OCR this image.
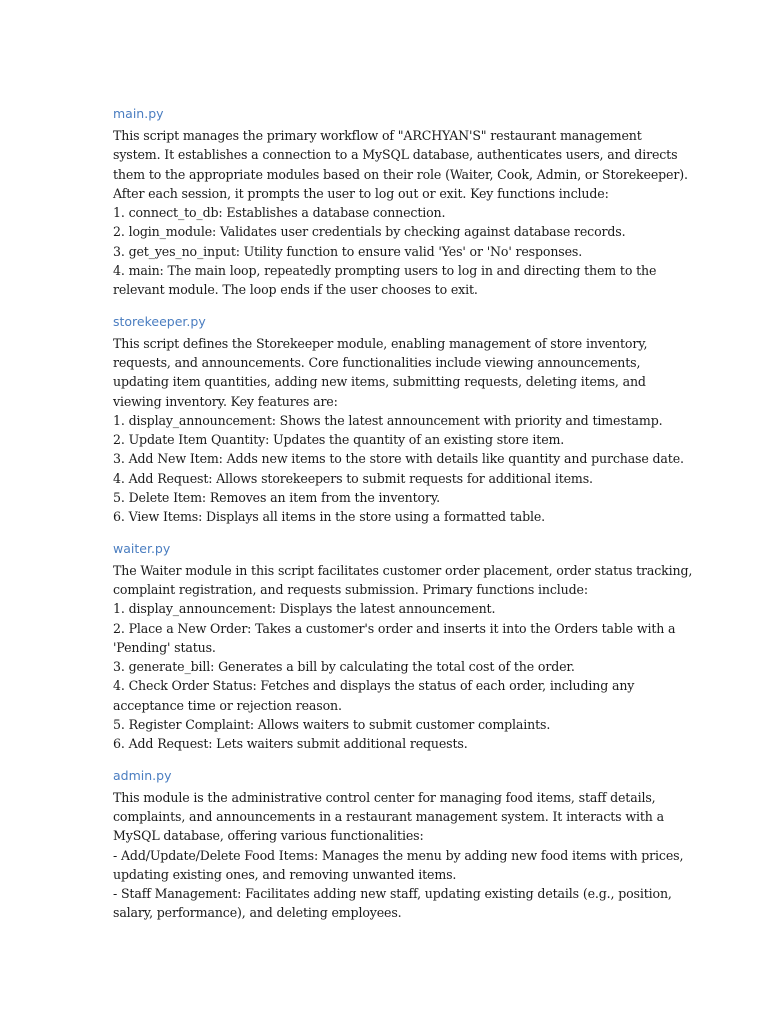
main.py
This script manages the primary workflow of "ARCHYAN'S" restaurant management
system. It establishes a connection to a MySQL database, authenticates users, and directs
them to the appropriate modules based on their role (Waiter, Cook, Admin, or Storekeeper).
After each session, it prompts the user to log out or exit. Key functions include:
1. connect_to_db: Establishes a database connection.
2. login_module: Validates user credentials by checking against database records.
3. get_yes_no_input: Utility function to ensure valid 'Yes' or 'No' responses.
4. main: The main loop, repeatedly prompting users to log in and directing them to the
relevant module. The loop ends if the user chooses to exit.
storekeeper.py
This script defines the Storekeeper module, enabling management of store inventory,
requests, and announcements. Core functionalities include viewing announcements,
updating item quantities, adding new items, submitting requests, deleting items, and
viewing inventory. Key features are:
1. display_announcement: Shows the latest announcement with priority and timestamp.
2. Update Item Quantity: Updates the quantity of an existing store item.
3. Add New Item: Adds new items to the store with details like quantity and purchase date.
4. Add Request: Allows storekeepers to submit requests for additional items.
5. Delete Item: Removes an item from the inventory.
6. View Items: Displays all items in the store using a formatted table.
waiter.py
The Waiter module in this script facilitates customer order placement, order status tracking,
complaint registration, and requests submission. Primary functions include:
1. display_announcement: Displays the latest announcement.
2. Place a New Order: Takes a customer's order and inserts it into the Orders table with a
'Pending' status.
3. generate_bill: Generates a bill by calculating the total cost of the order.
4. Check Order Status: Fetches and displays the status of each order, including any
acceptance time or rejection reason.
5. Register Complaint: Allows waiters to submit customer complaints.
6. Add Request: Lets waiters submit additional requests.
admin.py
This module is the administrative control center for managing food items, staff details,
complaints, and announcements in a restaurant management system. It interacts with a
MySQL database, offering various functionalities:
- Add/Update/Delete Food Items: Manages the menu by adding new food items with prices,
updating existing ones, and removing unwanted items.
- Staff Management: Facilitates adding new staff, updating existing details (e.g., position,
salary, performance), and deleting employees.
